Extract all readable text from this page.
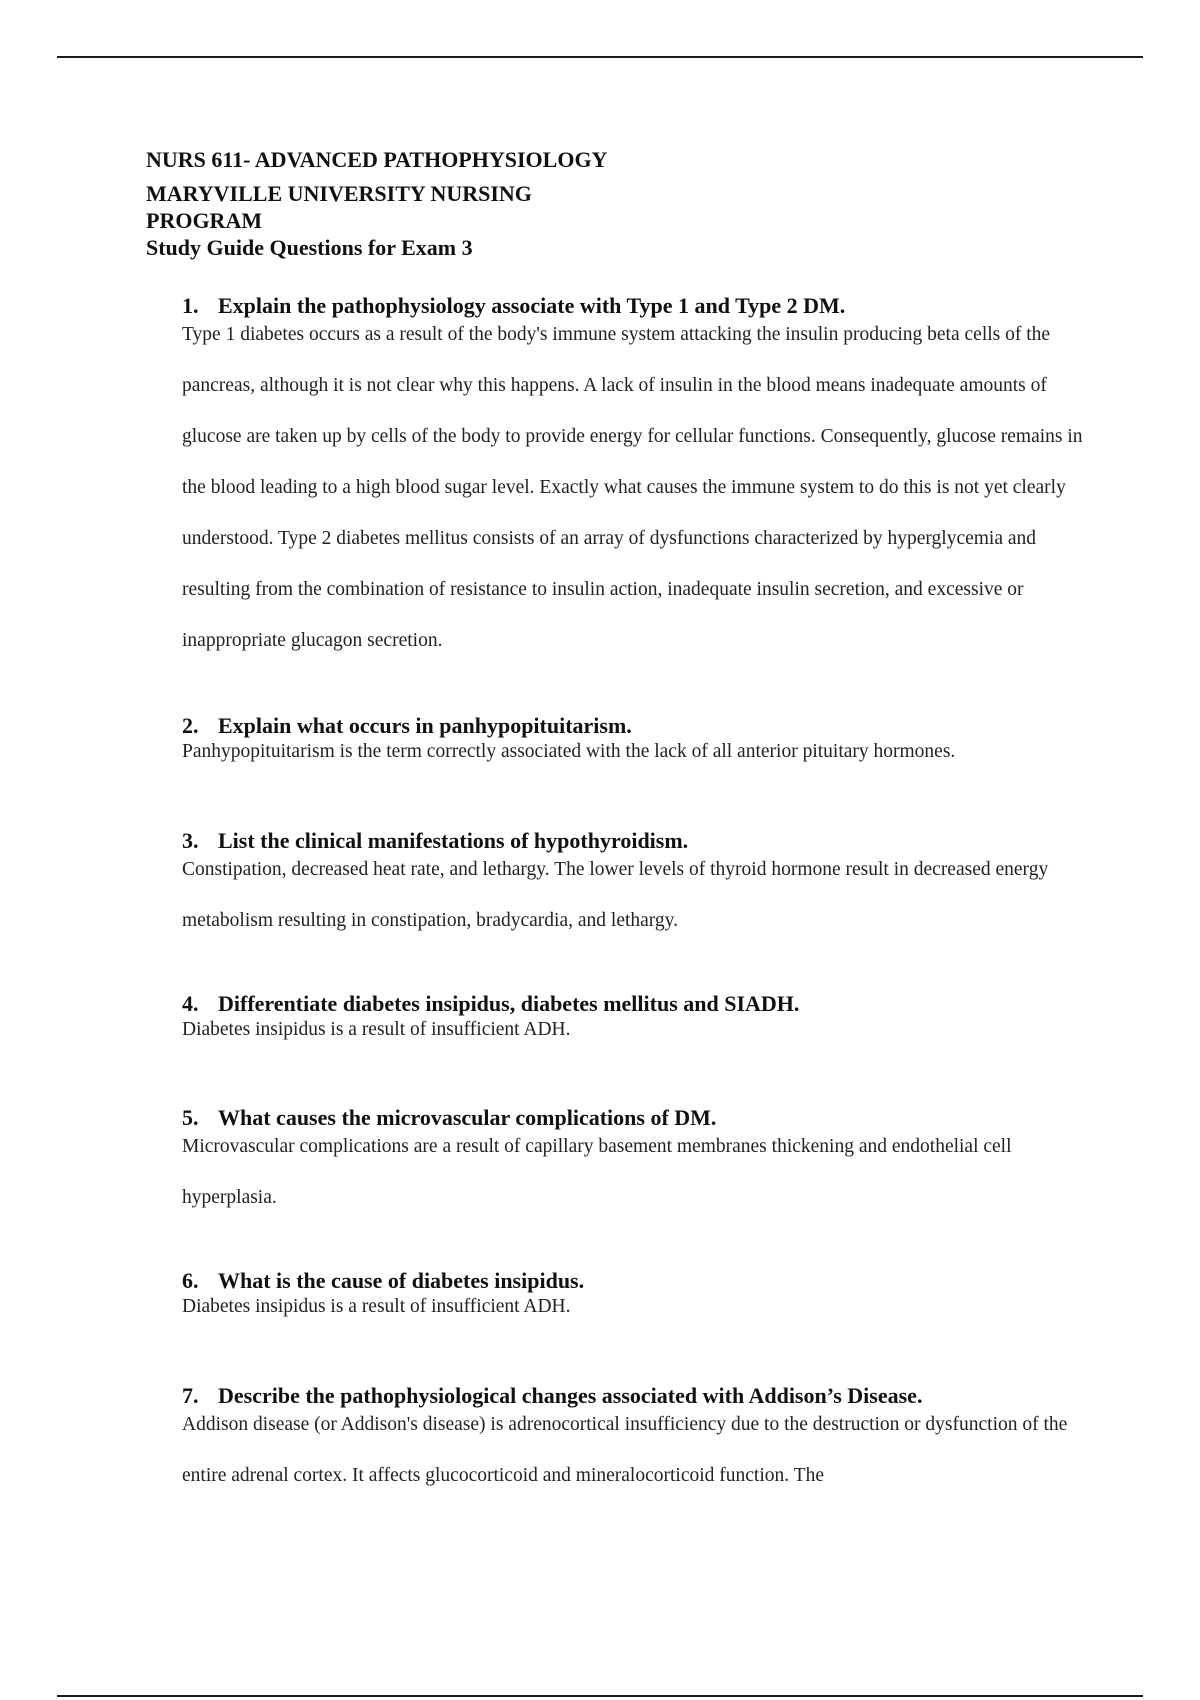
NURS 611- ADVANCED PATHOPHYSIOLOGY
MARYVILLE UNIVERSITY NURSING
PROGRAM
Study Guide Questions for Exam 3
1. Explain the pathophysiology associate with Type 1 and Type 2 DM.
Type 1 diabetes occurs as a result of the body's immune system attacking the insulin producing beta cells of the pancreas, although it is not clear why this happens. A lack of insulin in the blood means inadequate amounts of glucose are taken up by cells of the body to provide energy for cellular functions. Consequently, glucose remains in the blood leading to a high blood sugar level. Exactly what causes the immune system to do this is not yet clearly understood. Type 2 diabetes mellitus consists of an array of dysfunctions characterized by hyperglycemia and resulting from the combination of resistance to insulin action, inadequate insulin secretion, and excessive or inappropriate glucagon secretion.
2. Explain what occurs in panhypopituitarism.
Panhypopituitarism is the term correctly associated with the lack of all anterior pituitary hormones.
3. List the clinical manifestations of hypothyroidism.
Constipation, decreased heat rate, and lethargy. The lower levels of thyroid hormone result in decreased energy metabolism resulting in constipation, bradycardia, and lethargy.
4. Differentiate diabetes insipidus, diabetes mellitus and SIADH.
Diabetes insipidus is a result of insufficient ADH.
5. What causes the microvascular complications of DM.
Microvascular complications are a result of capillary basement membranes thickening and endothelial cell hyperplasia.
6. What is the cause of diabetes insipidus.
Diabetes insipidus is a result of insufficient ADH.
7. Describe the pathophysiological changes associated with Addison’s Disease.
Addison disease (or Addison's disease) is adrenocortical insufficiency due to the destruction or dysfunction of the entire adrenal cortex. It affects glucocorticoid and mineralocorticoid function. The
